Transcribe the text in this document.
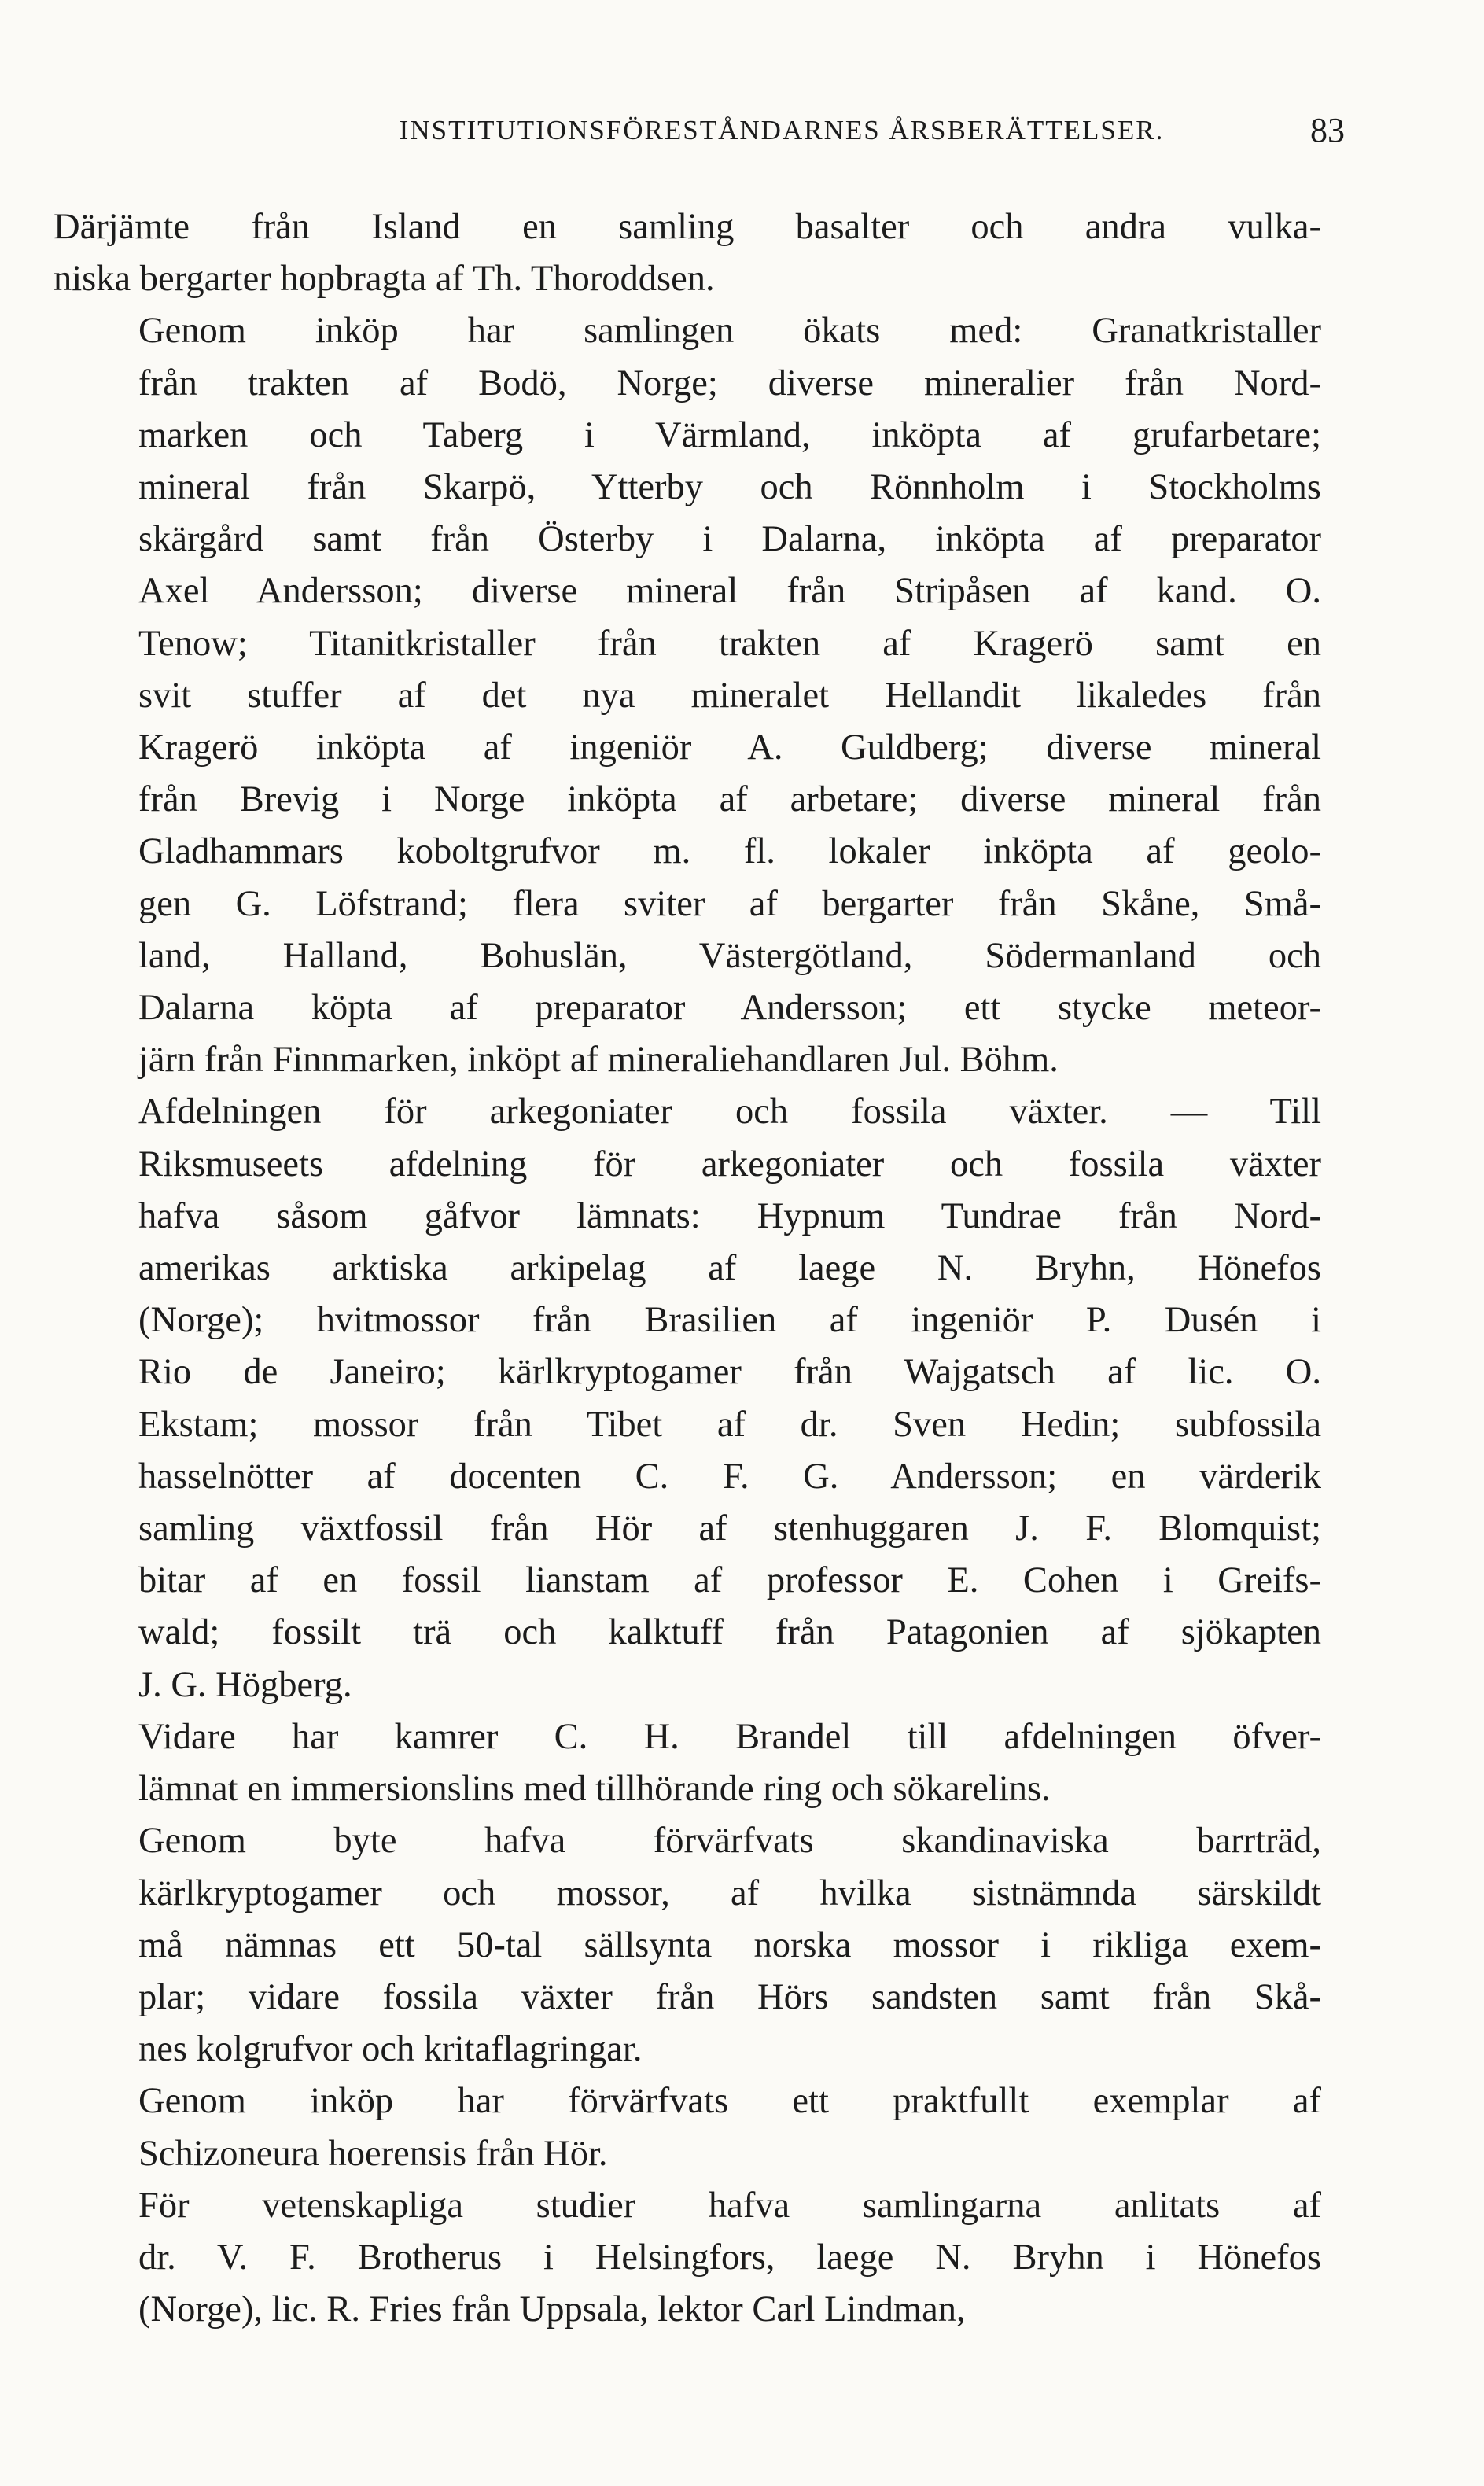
INSTITUTIONSFÖRESTÅNDARNES ÅRSBERÄTTELSER.	83

Därjämte från Island en samling basalter och andra vulka-
niska bergarter hopbragta af Th. Thoroddsen.

Genom inköp har samlingen ökats med: Granatkristaller
från trakten af Bodö, Norge; diverse mineralier från Nord-
marken och Taberg i Värmland, inköpta af grufarbetare;
mineral från Skarpö, Ytterby och Rönnholm i Stockholms
skärgård samt från Österby i Dalarna, inköpta af preparator
Axel Andersson; diverse mineral från Stripåsen af kand. O.
Tenow; Titanitkristaller från trakten af Kragerö samt en
svit stuffer af det nya mineralet Hellandit likaledes från
Kragerö inköpta af ingeniör A. Guldberg; diverse mineral
från Brevig i Norge inköpta af arbetare; diverse mineral från
Gladhammars koboltgrufvor m. fl. lokaler inköpta af geolo-
gen G. Löfstrand; flera sviter af bergarter från Skåne, Små-
land, Halland, Bohuslän, Västergötland, Södermanland och
Dalarna köpta af preparator Andersson; ett stycke meteor-
järn från Finnmarken, inköpt af mineraliehandlaren Jul. Böhm.

Afdelningen för arkegoniater och fossila växter. — Till
Riksmuseets afdelning för arkegoniater och fossila växter
hafva såsom gåfvor lämnats: Hypnum Tundrae från Nord-
amerikas arktiska arkipelag af laege N. Bryhn, Hönefos
(Norge); hvitmossor från Brasilien af ingeniör P. Dusén i
Rio de Janeiro; kärlkryptogamer från Wajgatsch af lic. O.
Ekstam; mossor från Tibet af dr. Sven Hedin; subfossila
hasselnötter af docenten C. F. G. Andersson; en värderik
samling växtfossil från Hör af stenhuggaren J. F. Blomquist;
bitar af en fossil lianstam af professor E. Cohen i Greifs-
wald; fossilt trä och kalktuff från Patagonien af sjökapten
J. G. Högberg.

Vidare har kamrer C. H. Brandel till afdelningen öfver-
lämnat en immersionslins med tillhörande ring och sökarelins.

Genom byte hafva förvärfvats skandinaviska barrträd,
kärlkryptogamer och mossor, af hvilka sistnämnda särskildt
må nämnas ett 50-tal sällsynta norska mossor i rikliga exem-
plar; vidare fossila växter från Hörs sandsten samt från Skå-
nes kolgrufvor och kritaflagringar.

Genom inköp har förvärfvats ett praktfullt exemplar af
Schizoneura hoerensis från Hör.

För vetenskapliga studier hafva samlingarna anlitats af
dr. V. F. Brotherus i Helsingfors, laege N. Bryhn i Hönefos
(Norge), lic. R. Fries från Uppsala, lektor Carl Lindman,
